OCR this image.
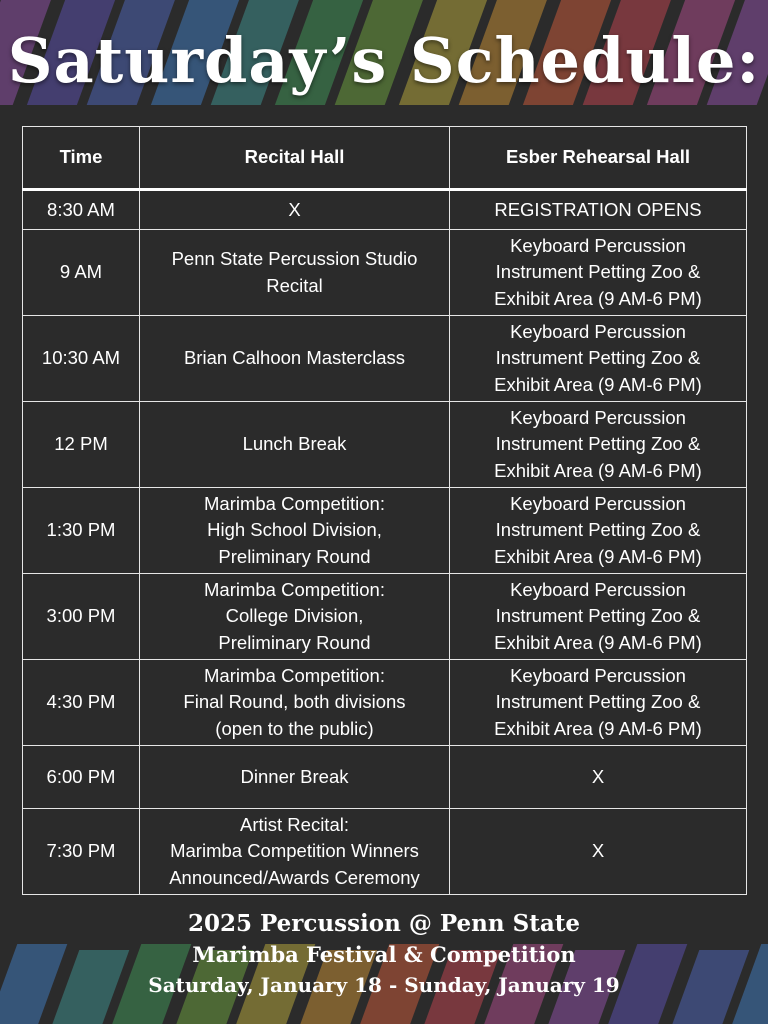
Saturday’s Schedule:
Time	Recital Hall	Esber Rehearsal Hall
8:30 AM	X	REGISTRATION OPENS

9 AM	Penn State Percussion Studio
Recital	Keyboard Percussion
Instrument Petting Zoo &
Exhibit Area (9 AM-6 PM)

10:30 AM	Brian Calhoon Masterclass	Keyboard Percussion
Instrument Petting Zoo &
Exhibit Area (9 AM-6 PM)

12 PM	Lunch Break	Keyboard Percussion
Instrument Petting Zoo &
Exhibit Area (9 AM-6 PM)

1:30 PM	Marimba Competition:
High School Division,
Preliminary Round	Keyboard Percussion
Instrument Petting Zoo &
Exhibit Area (9 AM-6 PM)

3:00 PM	Marimba Competition:
College Division,
Preliminary Round	Keyboard Percussion
Instrument Petting Zoo &
Exhibit Area (9 AM-6 PM)

4:30 PM	Marimba Competition:
Final Round, both divisions
(open to the public)	Keyboard Percussion
Instrument Petting Zoo &
Exhibit Area (9 AM-6 PM)

6:00 PM	Dinner Break	X

7:30 PM	Artist Recital:
Marimba Competition Winners
Announced/Awards Ceremony	X
2025 Percussion @ Penn State
Marimba Festival & Competition
Saturday, January 18 - Sunday, January 19
